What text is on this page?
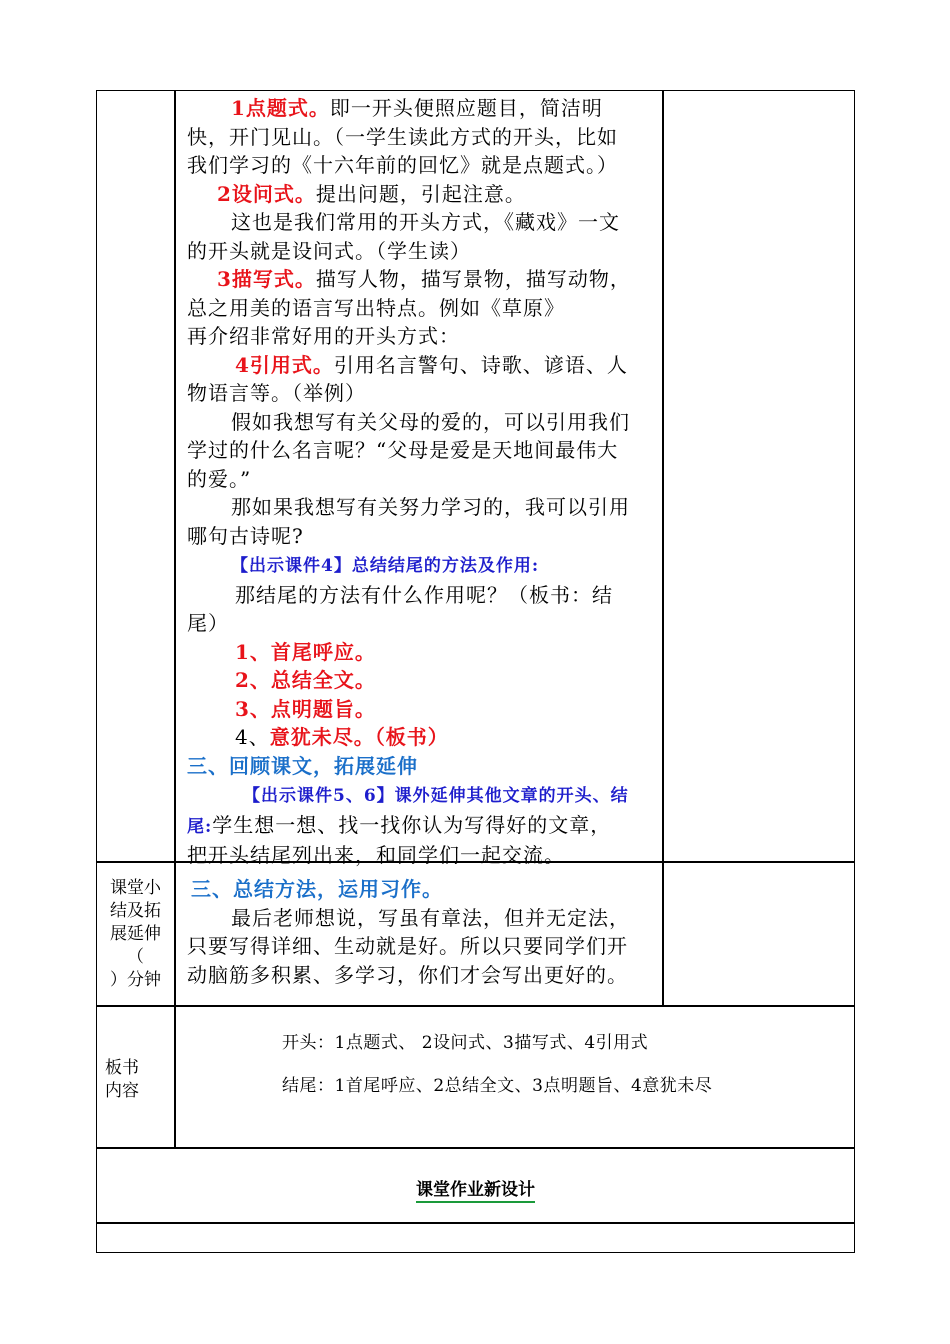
1点题式。即一开头便照应题目，简洁明

快，开门见山。（一学生读此方式的开头，比如

我们学习的《十六年前的回忆》就是点题式。）

2设问式。提出问题，引起注意。

这也是我们常用的开头方式，《藏戏》一文

的开头就是设问式。（学生读）

3描写式。描写人物，描写景物，描写动物，

总之用美的语言写出特点。例如《草原》

再介绍非常好用的开头方式：

4引用式。引用名言警句、诗歌、谚语、人

物语言等。（举例）

假如我想写有关父母的爱的，可以引用我们

学过的什么名言呢？“父母是爱是天地间最伟大

的爱。”

那如果我想写有关努力学习的，我可以引用

哪句古诗呢?

【出示课件4】总结结尾的方法及作用:

那结尾的方法有什么作用呢？（板书：结

尾）

1、首尾呼应。

2、总结全文。

3、点明题旨。

4、意犹未尽。（板书）

三、回顾课文，拓展延伸

【出示课件5、6】课外延伸其他文章的开头、结

尾:学生想一想、找一找你认为写得好的文章，

把开头结尾列出来，和同学们一起交流。

课堂小
结及拓
展延伸
（
）分钟

三、总结方法，运用习作。

最后老师想说，写虽有章法，但并无定法，

只要写得详细、生动就是好。所以只要同学们开

动脑筋多积累、多学习，你们才会写出更好的。

板书
内容
开头：1点题式、 2设问式、3描写式、4引用式
结尾：1首尾呼应、2总结全文、3点明题旨、4意犹未尽
课堂作业新设计
